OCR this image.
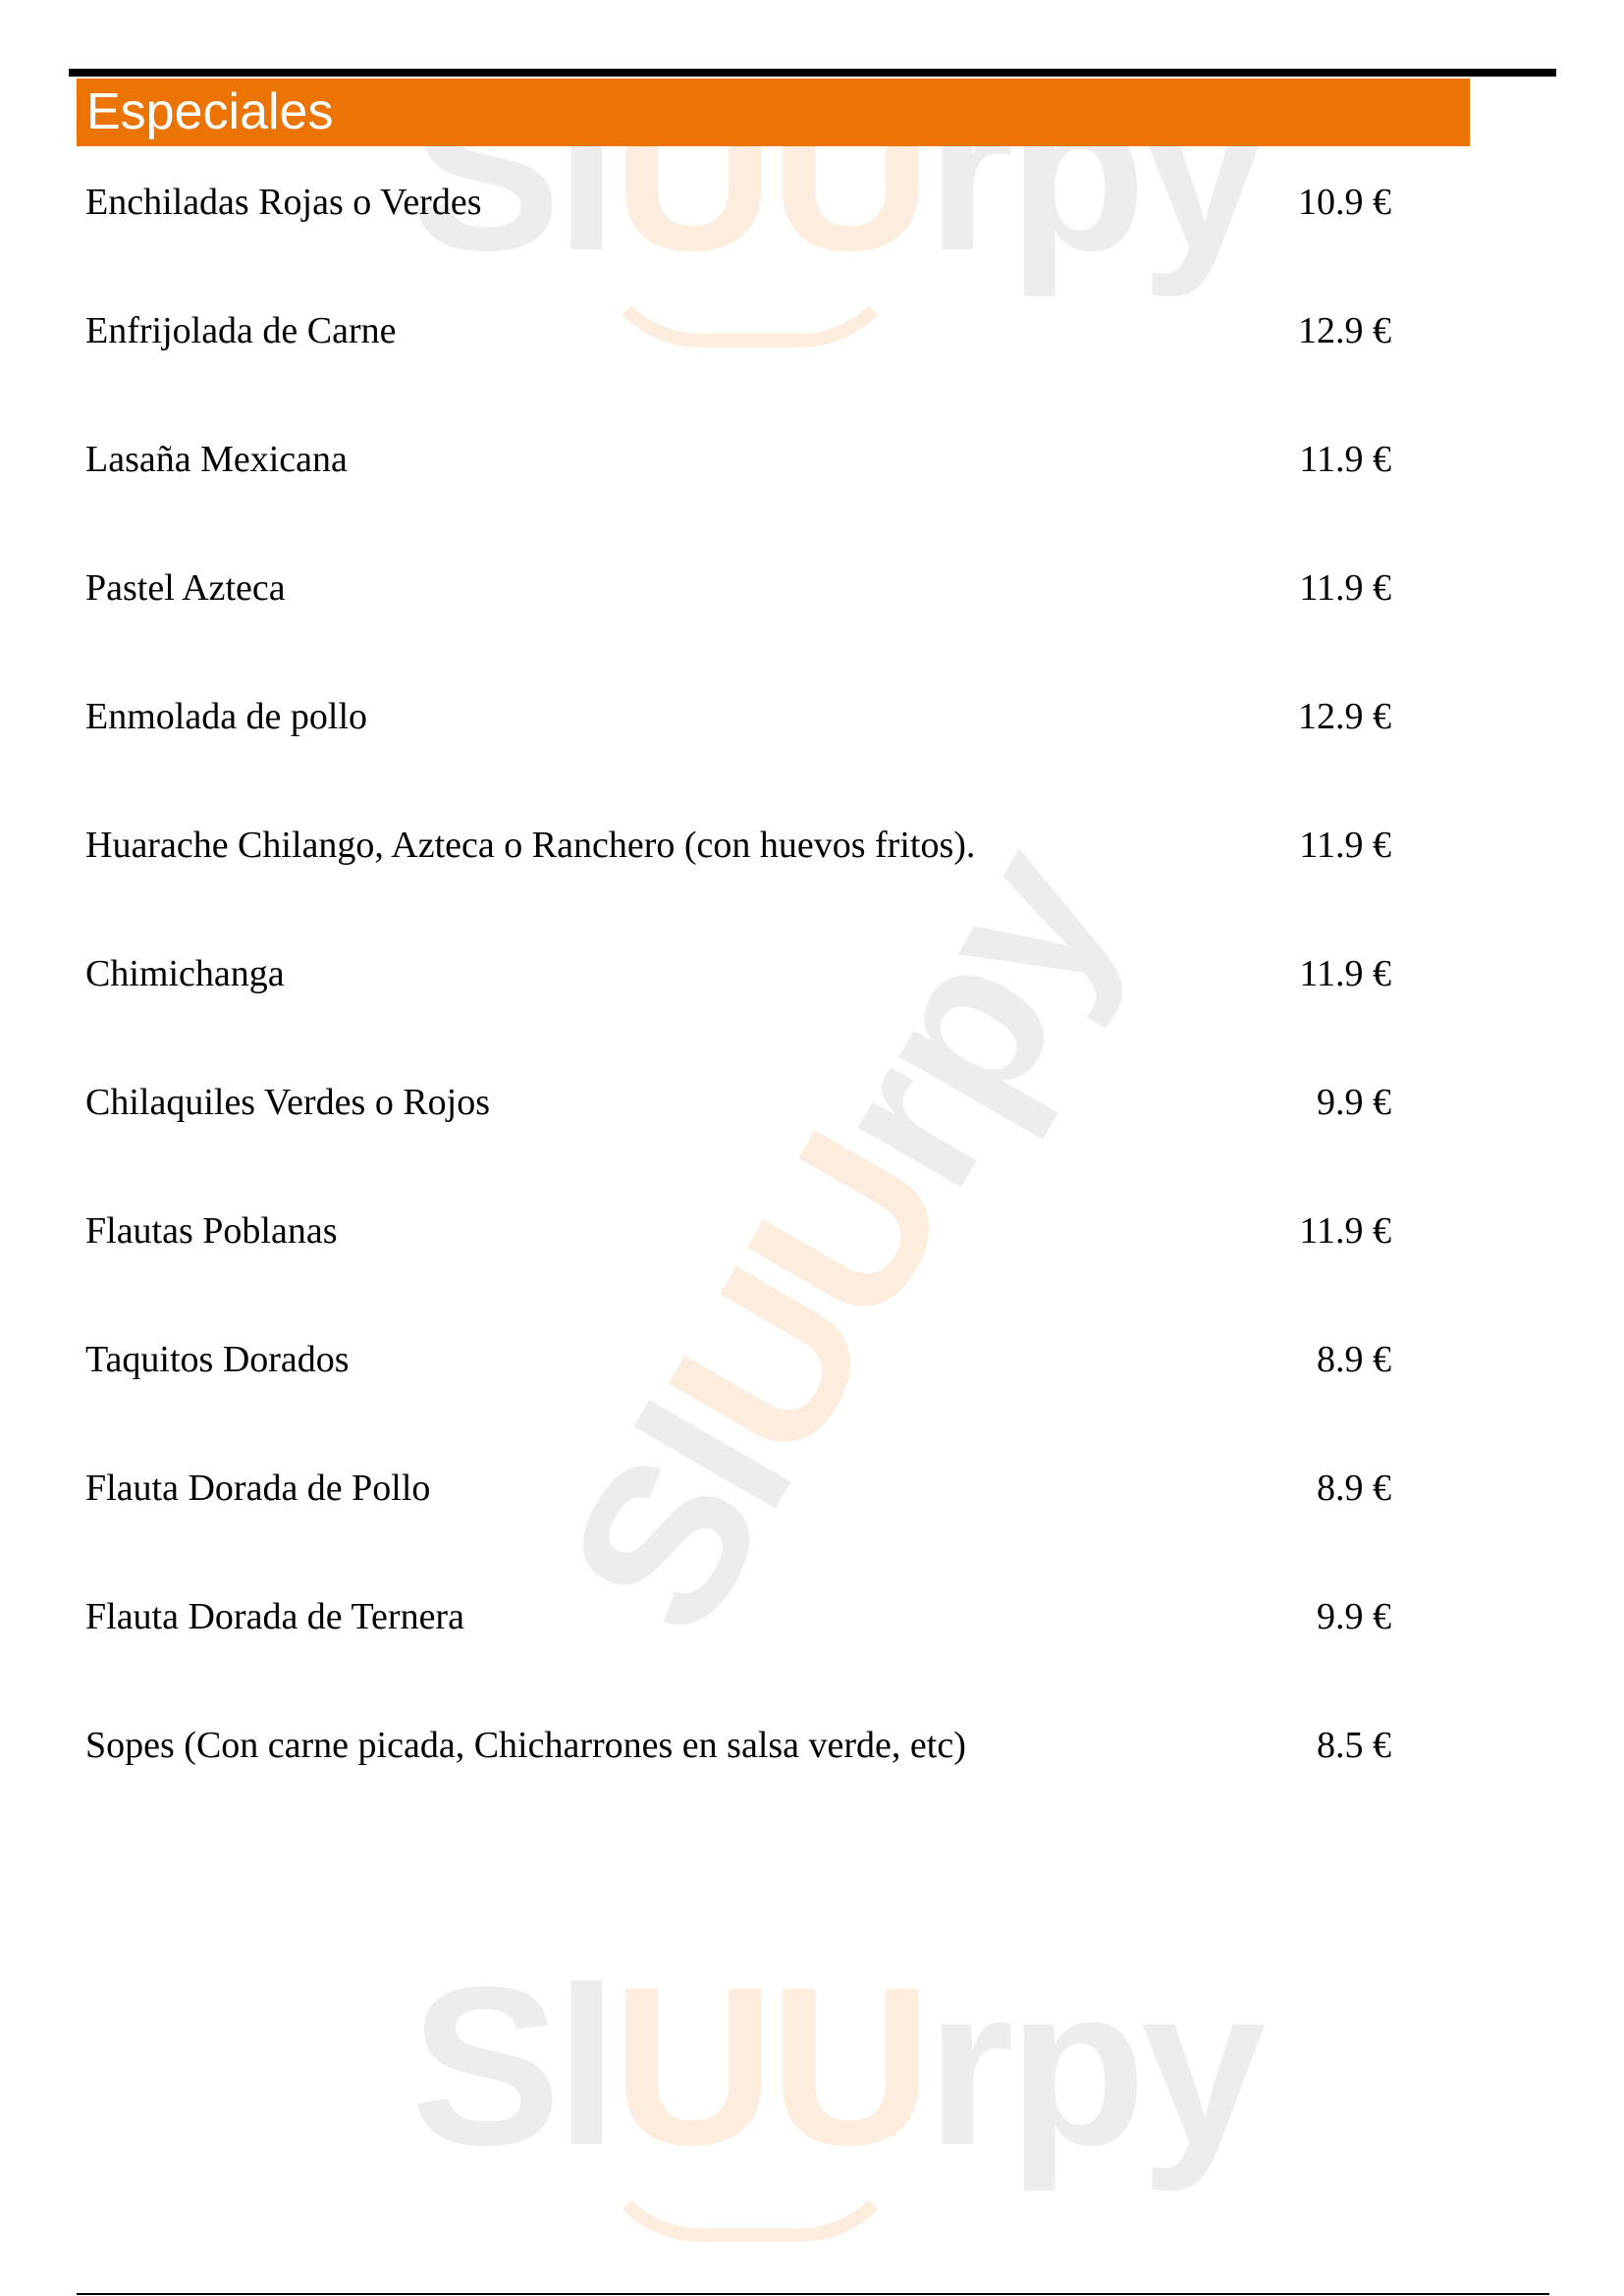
SlUUrpy
SlUUrpy
SlUUrpy
Especiales
Enchiladas Rojas o Verdes	10.9 €
Enfrijolada de Carne	12.9 €
Lasaña Mexicana	11.9 €
Pastel Azteca	11.9 €
Enmolada de pollo	12.9 €
Huarache Chilango, Azteca o Ranchero (con huevos fritos).	11.9 €
Chimichanga	11.9 €
Chilaquiles Verdes o Rojos	9.9 €
Flautas Poblanas	11.9 €
Taquitos Dorados	8.9 €
Flauta Dorada de Pollo	8.9 €
Flauta Dorada de Ternera	9.9 €
Sopes (Con carne picada, Chicharrones en salsa verde, etc)	8.5 €
